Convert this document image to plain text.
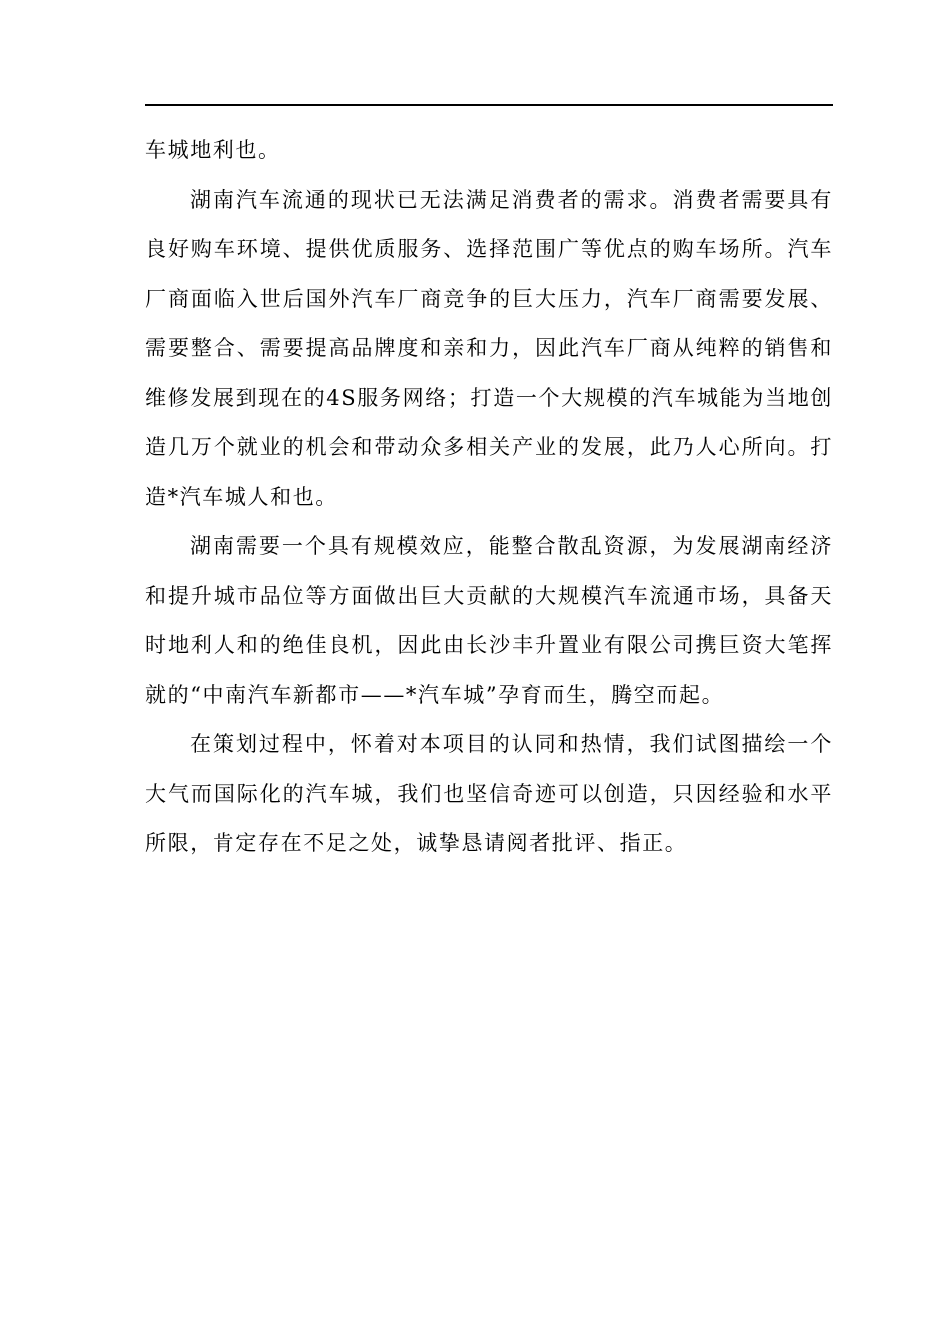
车城地利也。

湖南汽车流通的现状已无法满足消费者的需求。消费者需要具有良好购车环境、提供优质服务、选择范围广等优点的购车场所。汽车厂商面临入世后国外汽车厂商竞争的巨大压力，汽车厂商需要发展、需要整合、需要提高品牌度和亲和力，因此汽车厂商从纯粹的销售和维修发展到现在的4S服务网络；打造一个大规模的汽车城能为当地创造几万个就业的机会和带动众多相关产业的发展，此乃人心所向。打造*汽车城人和也。

湖南需要一个具有规模效应，能整合散乱资源，为发展湖南经济和提升城市品位等方面做出巨大贡献的大规模汽车流通市场，具备天时地利人和的绝佳良机，因此由长沙丰升置业有限公司携巨资大笔挥就的“中南汽车新都市——*汽车城”孕育而生，腾空而起。

在策划过程中，怀着对本项目的认同和热情，我们试图描绘一个大气而国际化的汽车城，我们也坚信奇迹可以创造，只因经验和水平所限，肯定存在不足之处，诚挚恳请阅者批评、指正。
